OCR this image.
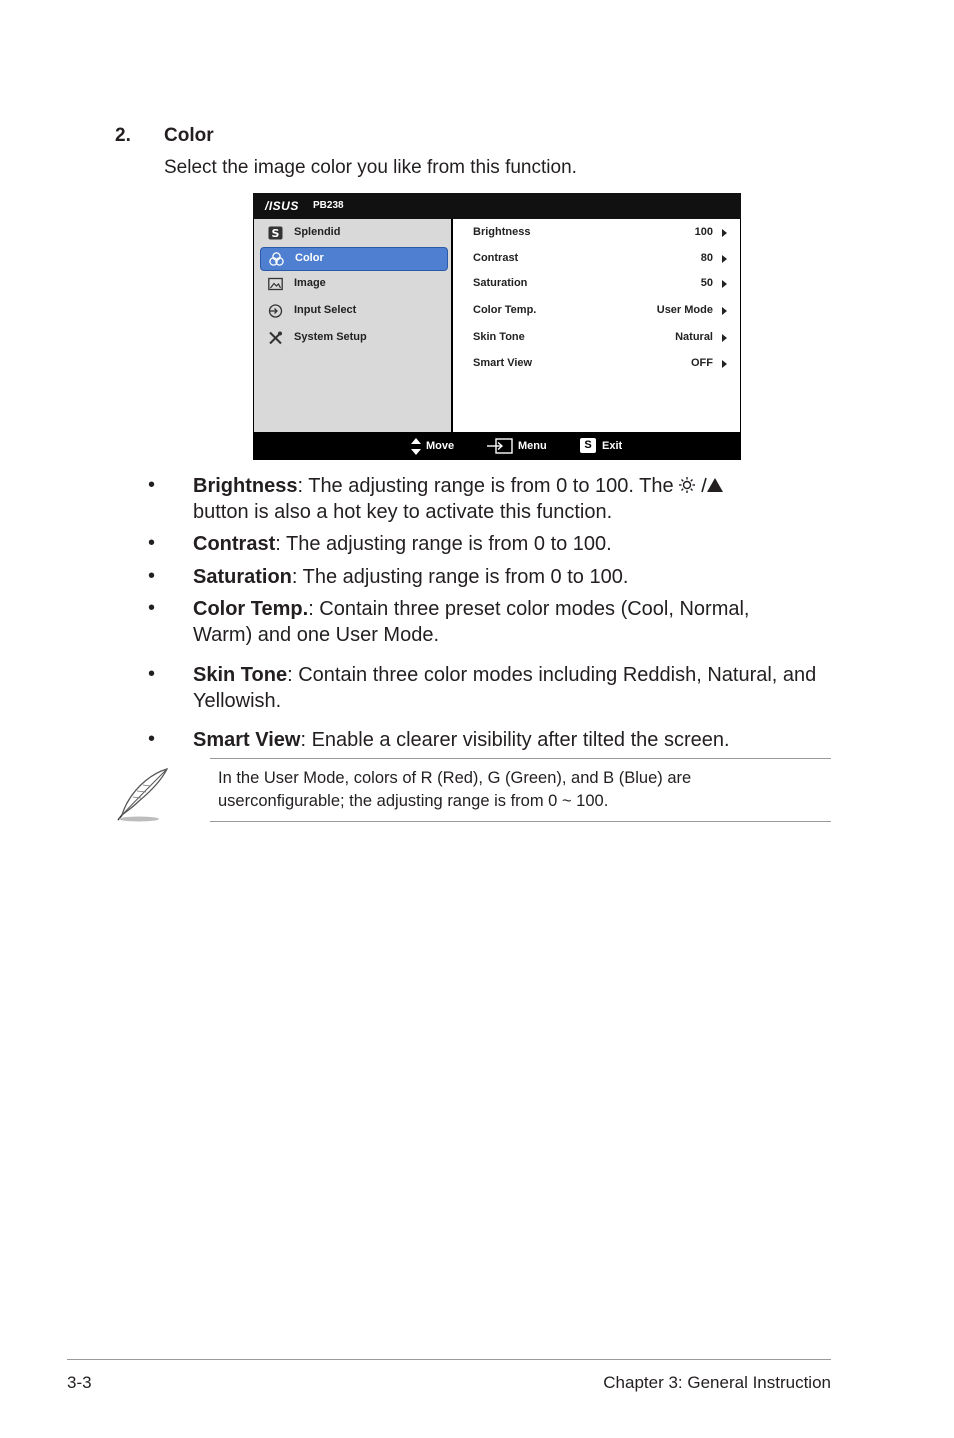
2. Color
Select the image color you like from this function.
/ISUS PB238
S Splendid
Color
Image
Input Select
System Setup
Brightness	100
Contrast	80
Saturation	50
Color Temp.	User Mode
Skin Tone	Natural
Smart View	OFF
Move	Menu	S Exit
• Brightness: The adjusting range is from 0 to 100. The
button is also a hot key to activate this function.
• Contrast: The adjusting range is from 0 to 100.
• Saturation: The adjusting range is from 0 to 100.
• Color Temp.: Contain three preset color modes (Cool, Normal, Warm) and one User Mode.
• Skin Tone: Contain three color modes including Reddish, Natural, and Yellowish.
• Smart View: Enable a clearer visibility after tilted the screen.
In the User Mode, colors of R (Red), G (Green), and B (Blue) are
userconfigurable; the adjusting range is from 0 ~ 100.
3-3	Chapter 3: General Instruction
